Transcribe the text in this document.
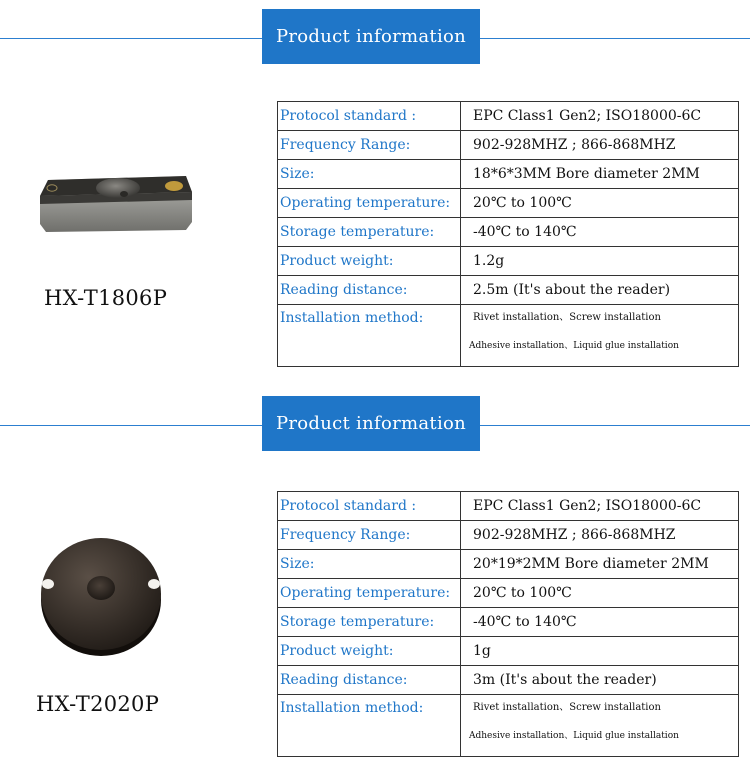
Product information
HX-T1806P
Protocol standard :	EPC Class1 Gen2; ISO18000-6C
Frequency Range:	902-928MHZ ; 866-868MHZ
Size:	18*6*3MM Bore diameter 2MM
Operating temperature:	20℃ to 100℃
Storage temperature:	-40℃ to 140℃
Product weight:	1.2g
Reading distance:	2.5m (It's about the reader)
Installation method:	Rivet installation、Screw installation
Adhesive installation、Liquid glue installation
Product information
HX-T2020P
Protocol standard :	EPC Class1 Gen2; ISO18000-6C
Frequency Range:	902-928MHZ ; 866-868MHZ
Size:	20*19*2MM Bore diameter 2MM
Operating temperature:	20℃ to 100℃
Storage temperature:	-40℃ to 140℃
Product weight:	1g
Reading distance:	3m (It's about the reader)
Installation method:	Rivet installation、Screw installation
Adhesive installation、Liquid glue installation
